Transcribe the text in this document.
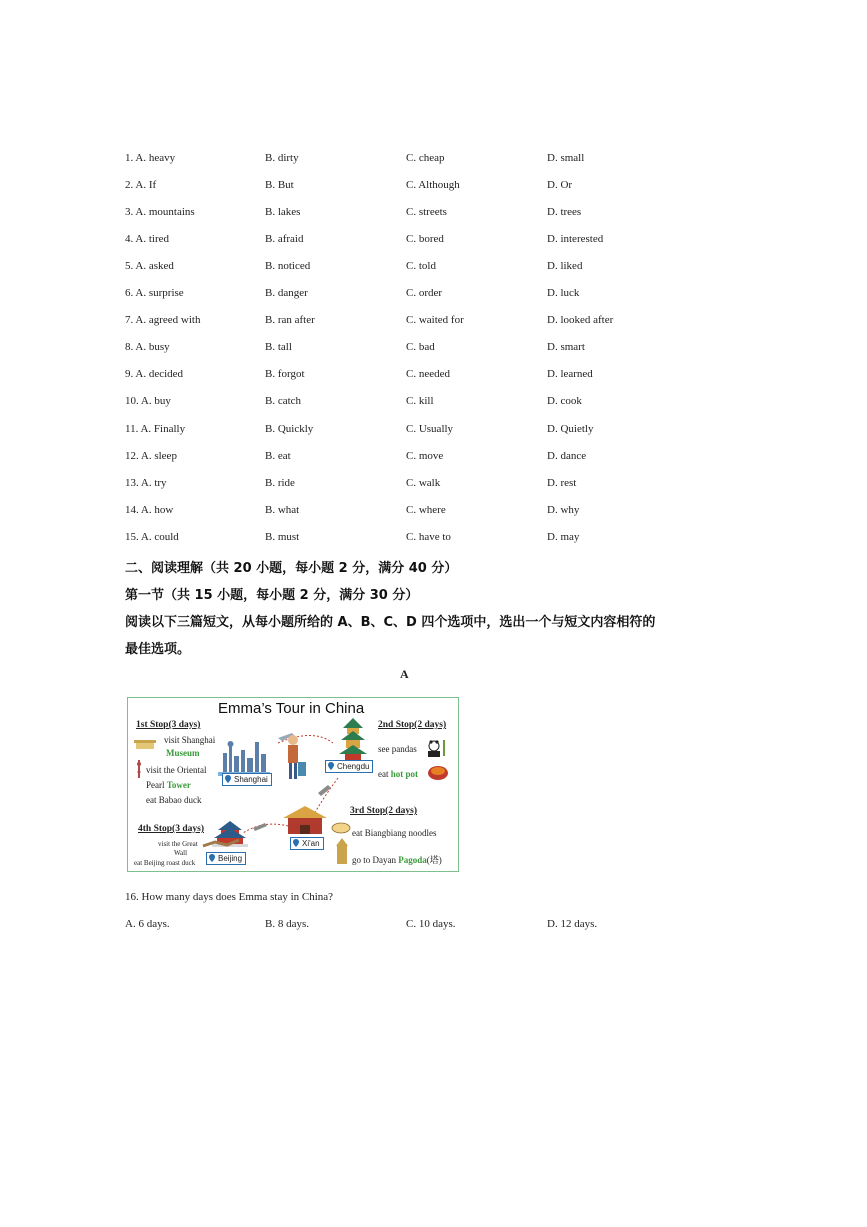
1. A. heavy	B. dirty	C. cheap	D. small
2. A. If	B. But	C. Although	D. Or
3. A. mountains	B. lakes	C. streets	D. trees
4. A. tired	B. afraid	C. bored	D. interested
5. A. asked	B. noticed	C. told	D. liked
6. A. surprise	B. danger	C. order	D. luck
7. A. agreed with	B. ran after	C. waited for	D. looked after
8. A. busy	B. tall	C. bad	D. smart
9. A. decided	B. forgot	C. needed	D. learned
10. A. buy	B. catch	C. kill	D. cook
11. A. Finally	B. Quickly	C. Usually	D. Quietly
12. A. sleep	B. eat	C. move	D. dance
13. A. try	B. ride	C. walk	D. rest
14. A. how	B. what	C. where	D. why
15. A. could	B. must	C. have to	D. may
二、阅读理解（共 20 小题，每小题 2 分，满分 40 分）
第一节（共 15 小题，每小题 2 分，满分 30 分）
阅读以下三篇短文，从每小题所给的 A、B、C、D 四个选项中，选出一个与短文内容相符的
最佳选项。
A
Emma’s Tour in China
1st Stop(3 days)
visit Shanghai
Museum
visit the Oriental
Pearl Tower
eat Babao duck
Shanghai
2nd Stop(2 days)
see pandas
eat hot pot
Chengdu
3rd Stop(2 days)
eat Biangbiang noodles
go to Dayan Pagoda(塔)
Xi'an
4th Stop(3 days)
visit the Great
Wall
eat Beijing roast duck	Beijing
16. How many days does Emma stay in China?
A. 6 days.	B. 8 days.	C. 10 days.	D. 12 days.
